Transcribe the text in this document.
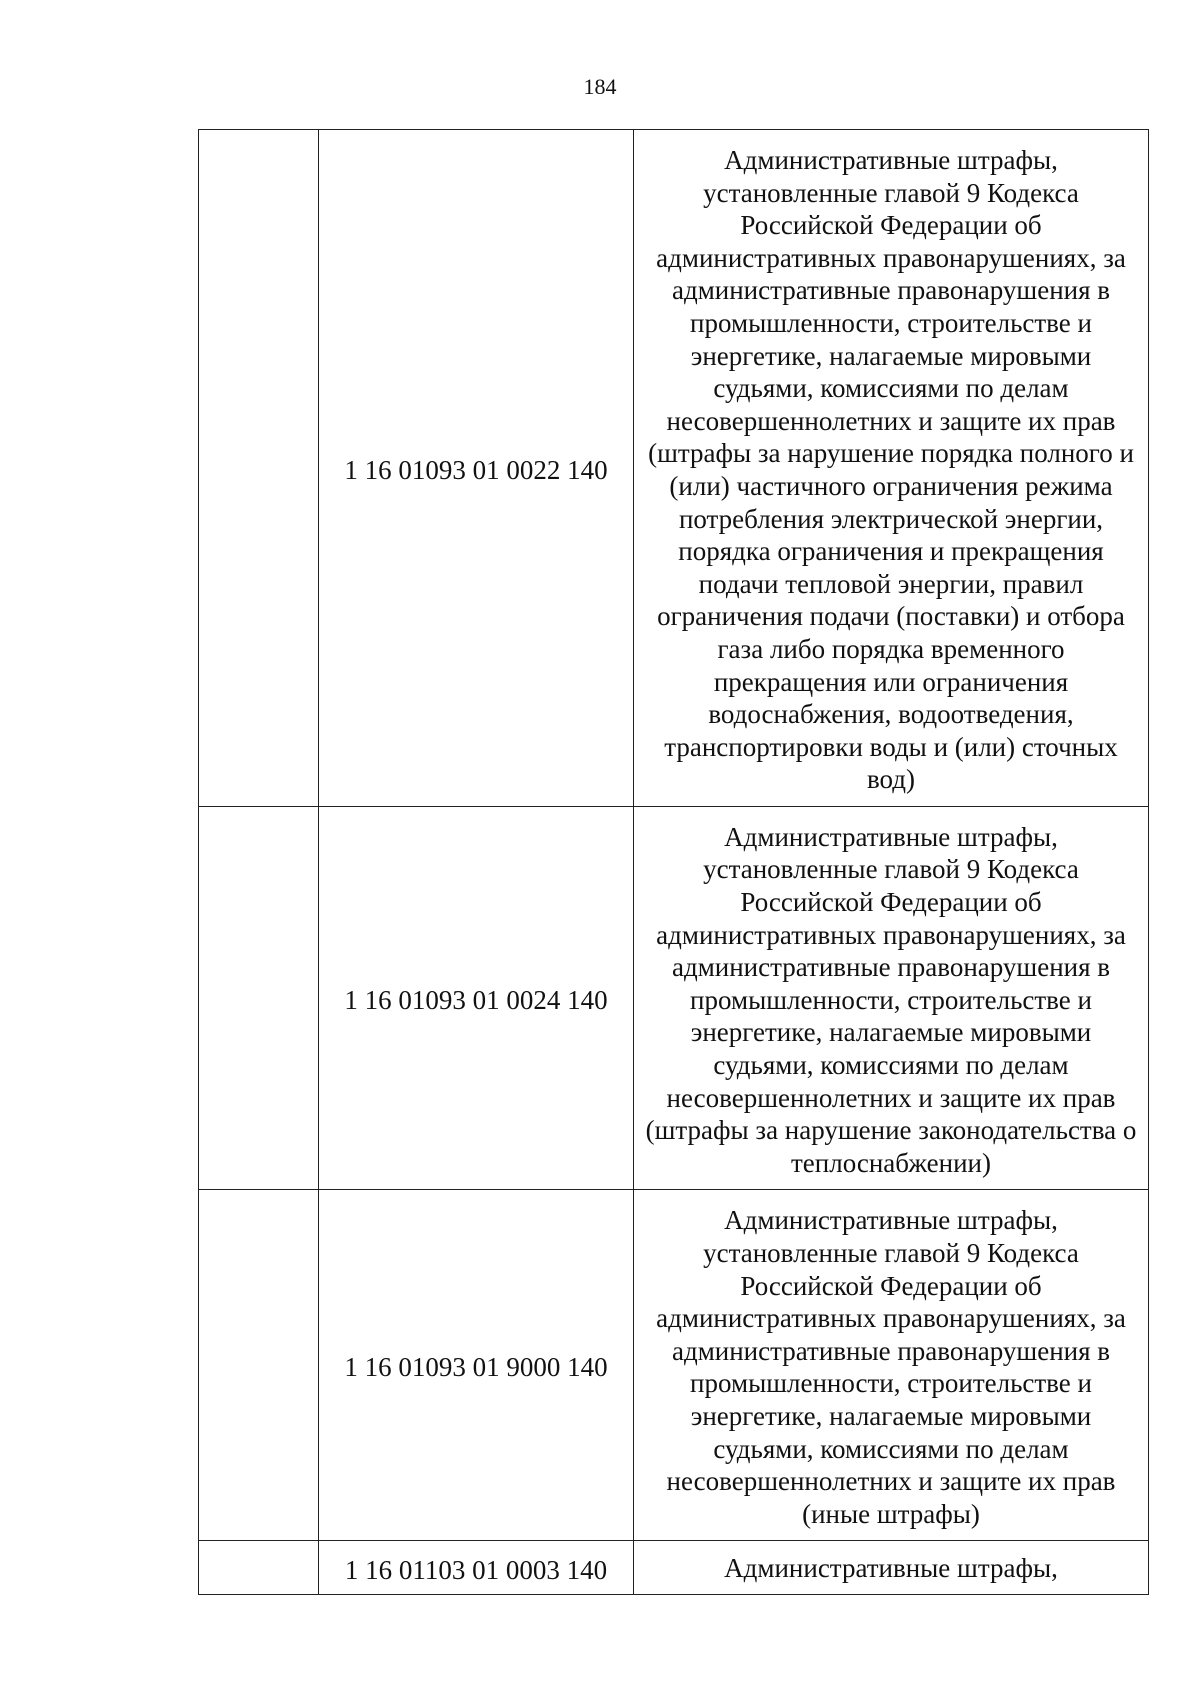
184
	1 16 01093 01 0022 140	Административные штрафы, установленные главой 9 Кодекса Российской Федерации об административных правонарушениях, за административные правонарушения в промышленности, строительстве и энергетике, налагаемые мировыми судьями, комиссиями по делам несовершеннолетних и защите их прав (штрафы за нарушение порядка полного и (или) частичного ограничения режима потребления электрической энергии, порядка ограничения и прекращения подачи тепловой энергии, правил ограничения подачи (поставки) и отбора газа либо порядка временного прекращения или ограничения водоснабжения, водоотведения, транспортировки воды и (или) сточных вод)

	1 16 01093 01 0024 140	Административные штрафы, установленные главой 9 Кодекса Российской Федерации об административных правонарушениях, за административные правонарушения в промышленности, строительстве и энергетике, налагаемые мировыми судьями, комиссиями по делам несовершеннолетних и защите их прав (штрафы за нарушение законодательства о теплоснабжении)

	1 16 01093 01 9000 140	Административные штрафы, установленные главой 9 Кодекса Российской Федерации об административных правонарушениях, за административные правонарушения в промышленности, строительстве и энергетике, налагаемые мировыми судьями, комиссиями по делам несовершеннолетних и защите их прав (иные штрафы)

	1 16 01103 01 0003 140	Административные штрафы,
